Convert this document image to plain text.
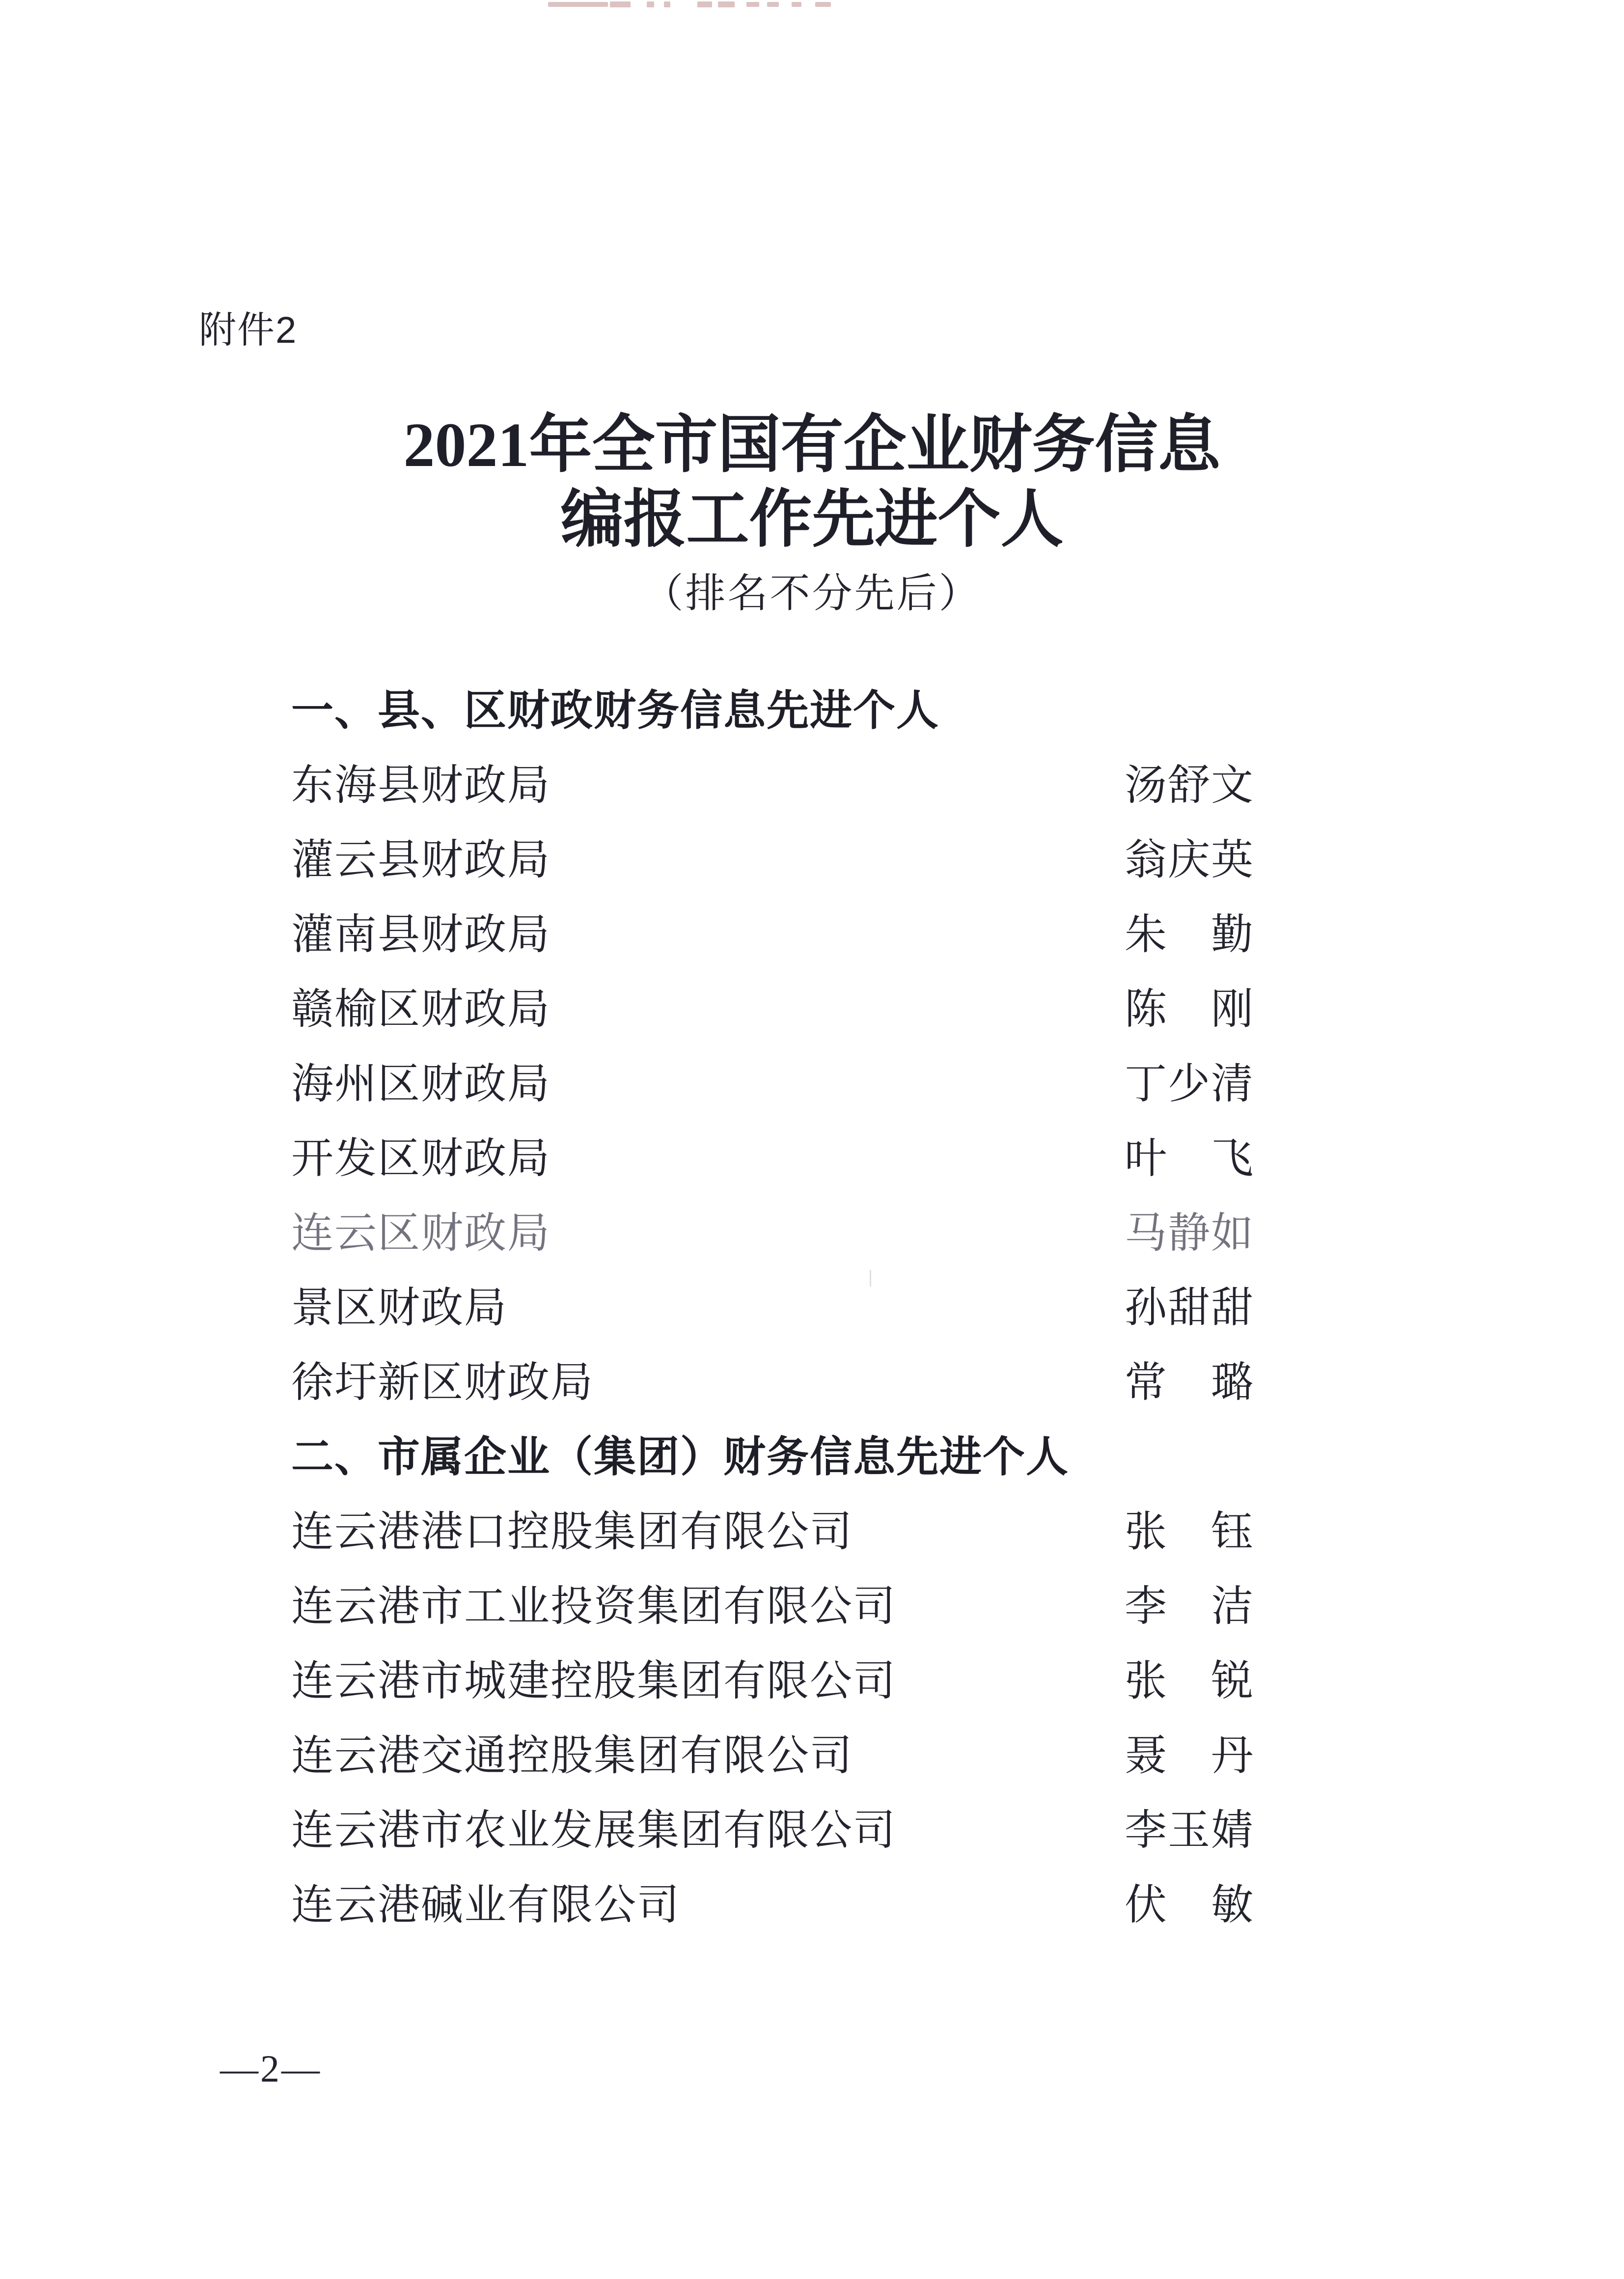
附件2
2021年全市国有企业财务信息
编报工作先进个人
（排名不分先后）
一、县、区财政财务信息先进个人
东海县财政局	汤舒文
灌云县财政局	翁庆英
灌南县财政局	朱　勤
赣榆区财政局	陈　刚
海州区财政局	丁少清
开发区财政局	叶　飞
连云区财政局	马静如
景区财政局	孙甜甜
徐圩新区财政局	常　璐
二、市属企业（集团）财务信息先进个人
连云港港口控股集团有限公司	张　钰
连云港市工业投资集团有限公司	李　洁
连云港市城建控股集团有限公司	张　锐
连云港交通控股集团有限公司	聂　丹
连云港市农业发展集团有限公司	李玉婧
连云港碱业有限公司	伏　敏
—2—
